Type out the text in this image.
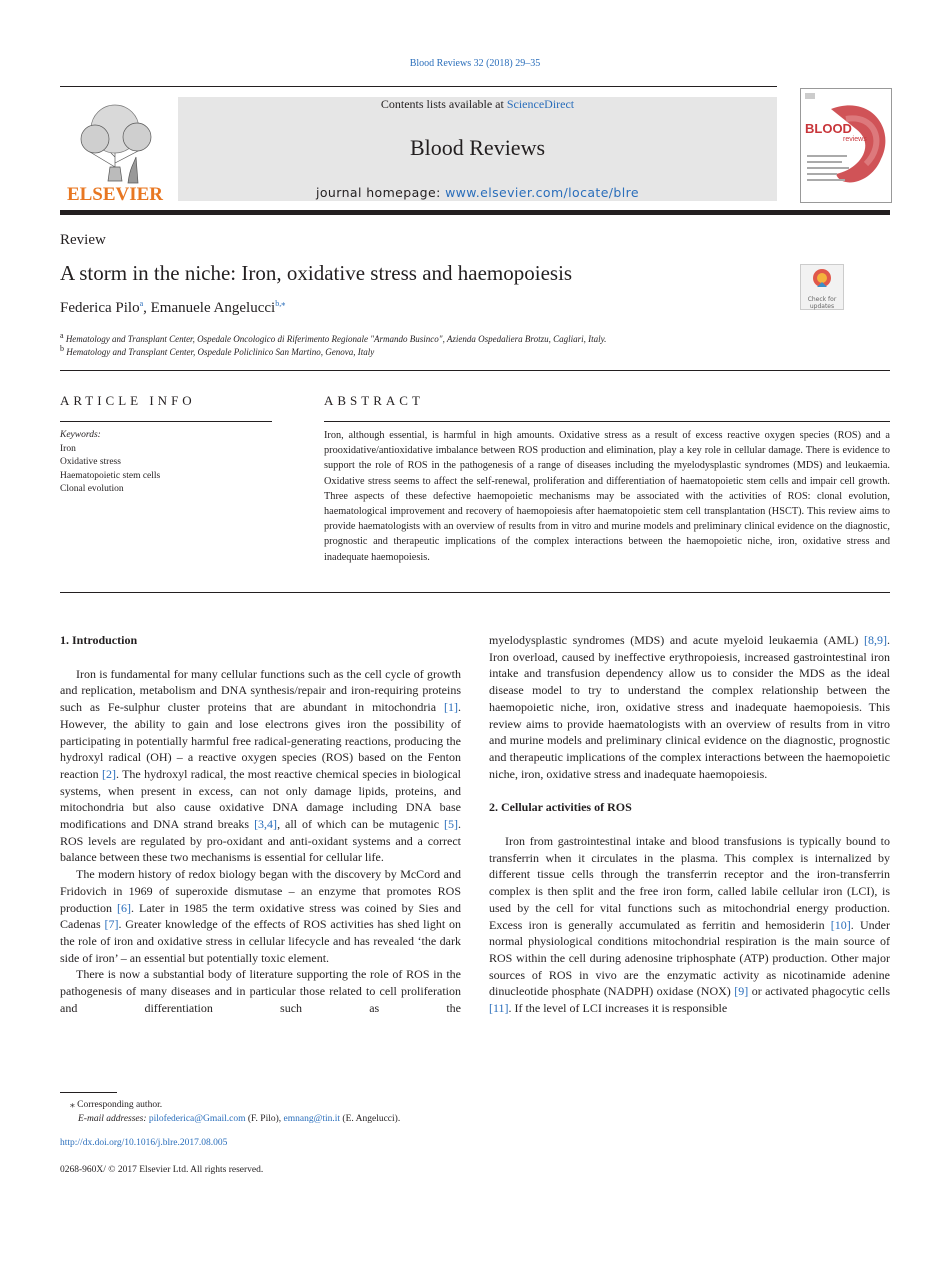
Blood Reviews 32 (2018) 29–35
ELSEVIER
Contents lists available at ScienceDirect
Blood Reviews
journal homepage: www.elsevier.com/locate/blre
BLOOD
reviews
Review
A storm in the niche: Iron, oxidative stress and haemopoiesis
Check for updates
Federica Pilo$^a$, Emanuele Angelucci$^{b,⁎}$
$^a$ Hematology and Transplant Center, Ospedale Oncologico di Riferimento Regionale "Armando Businco", Azienda Ospedaliera Brotzu, Cagliari, Italy.
$^b$ Hematology and Transplant Center, Ospedale Policlinico San Martino, Genova, Italy
ARTICLE INFO
Keywords:
Iron
Oxidative stress
Haematopoietic stem cells
Clonal evolution
ABSTRACT
Iron, although essential, is harmful in high amounts. Oxidative stress as a result of excess reactive oxygen species (ROS) and a prooxidative/antioxidative imbalance between ROS production and elimination, play a key role in cellular damage. There is evidence to support the role of ROS in the pathogenesis of a range of diseases including the myelodysplastic syndromes (MDS) and leukaemia. Oxidative stress seems to affect the self-renewal, proliferation and differentiation of haematopoietic stem cells and impair cell growth. Three aspects of these defective haemopoietic mechanisms may be associated with the activities of ROS: clonal evolution, haematological improvement and recovery of haemopoiesis after haematopoietic stem cell transplantation (HSCT). This review aims to provide haematologists with an overview of results from in vitro and murine models and preliminary clinical evidence on the diagnostic, prognostic and therapeutic implications of the complex interactions between the haemopoietic niche, iron, oxidative stress and inadequate haemopoiesis.
1. Introduction

Iron is fundamental for many cellular functions such as the cell cycle of growth and replication, metabolism and DNA synthesis/repair and iron-requiring proteins such as Fe-sulphur cluster proteins that are abundant in mitochondria [1]. However, the ability to gain and lose electrons gives iron the possibility of participating in potentially harmful free radical-generating reactions, producing the hydroxyl radical (OH) – a reactive oxygen species (ROS) based on the Fenton reaction [2]. The hydroxyl radical, the most reactive chemical species in biological systems, when present in excess, can not only damage lipids, proteins, and mitochondria but also cause oxidative DNA damage including DNA base modifications and DNA strand breaks [3,4], all of which can be mutagenic [5]. ROS levels are regulated by pro-oxidant and anti-oxidant systems and a correct balance between these two mechanisms is essential for cellular life.

The modern history of redox biology began with the discovery by McCord and Fridovich in 1969 of superoxide dismutase – an enzyme that promotes ROS production [6]. Later in 1985 the term oxidative stress was coined by Sies and Cadenas [7]. Greater knowledge of the effects of ROS activities has shed light on the role of iron and oxidative stress in cellular lifecycle and has revealed ‘the dark side of iron’ – an essential but potentially toxic element.

There is now a substantial body of literature supporting the role of ROS in the pathogenesis of many diseases and in particular those related to cell proliferation and differentiation such as the

myelodysplastic syndromes (MDS) and acute myeloid leukaemia (AML) [8,9]. Iron overload, caused by ineffective erythropoiesis, increased gastrointestinal iron intake and transfusion dependency allow us to consider the MDS as the ideal disease model to try to understand the complex relationship between the haemopoietic niche, iron, oxidative stress and inadequate haemopoiesis. This review aims to provide haematologists with an overview of results from in vitro and murine models and preliminary clinical evidence on the diagnostic, prognostic and therapeutic implications of the complex interactions between the haemopoietic niche, iron, oxidative stress and inadequate haemopoiesis.

2. Cellular activities of ROS

Iron from gastrointestinal intake and blood transfusions is typically bound to transferrin when it circulates in the plasma. This complex is internalized by different tissue cells through the transferrin receptor and the iron-transferrin complex is then split and the free iron form, called labile cellular iron (LCI), is used by the cell for vital functions such as mitochondrial energy production. Excess iron is generally accumulated as ferritin and hemosiderin [10]. Under normal physiological conditions mitochondrial respiration is the main source of ROS within the cell during adenosine triphosphate (ATP) production. Other major sources of ROS in vivo are the enzymatic activity as nicotinamide adenine dinucleotide phosphate (NADPH) oxidase (NOX) [9] or activated phagocytic cells [11]. If the level of LCI increases it is responsible

⁎ Corresponding author.
E-mail addresses: pilofederica@Gmail.com (F. Pilo), emnang@tin.it (E. Angelucci).
http://dx.doi.org/10.1016/j.blre.2017.08.005
0268-960X/ © 2017 Elsevier Ltd. All rights reserved.
